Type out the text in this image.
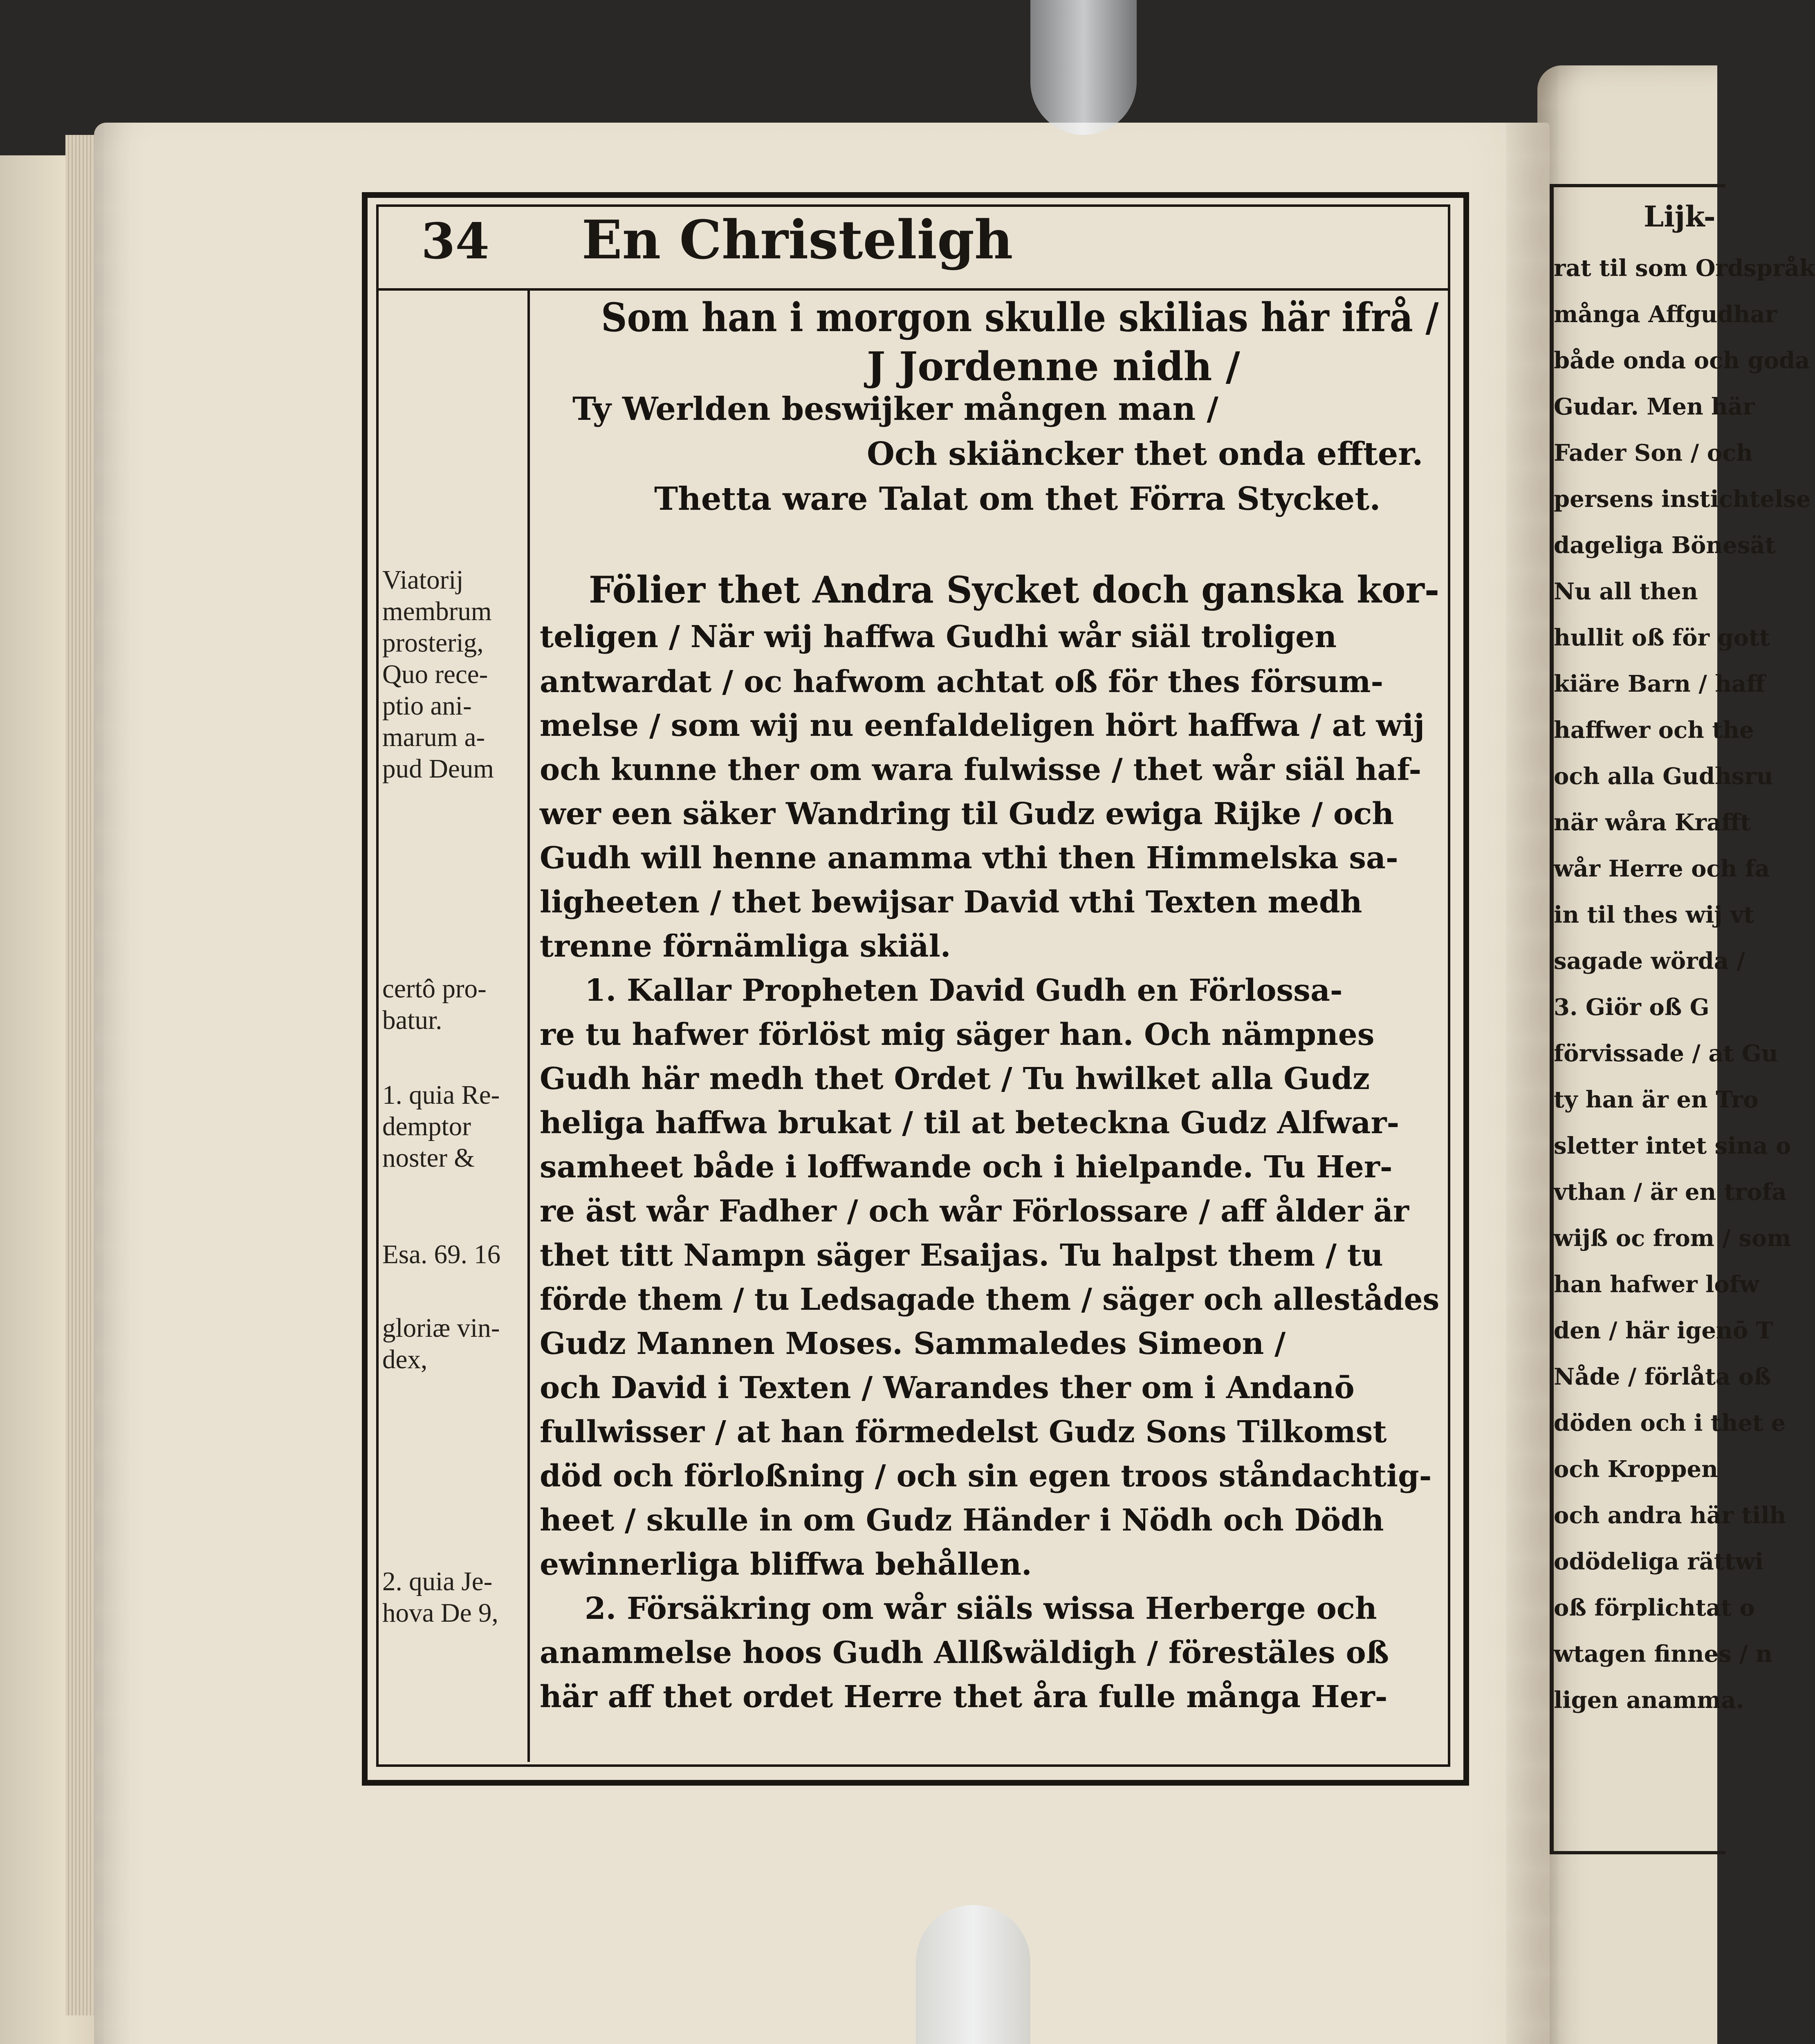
Lijk-
rat til som Ordspråk
många Affgudhar
både onda och goda
Gudar. Men här
Fader Son / och
persens instichtelse
dageliga Bönesät
Nu all then
hullit oß för gott
kiäre Barn / haff
haffwer och the
och alla Gudhsru
när wåra Krafft
wår Herre och fa
in til thes wij vt
sagade wörda /
3. Giör oß G
förvissade / at Gu
ty han är en Tro
sletter intet sina o
vthan / är en trofa
wijß oc from / som
han hafwer lofw
den / här igenō T
Nåde / förlåta oß
döden och i thet e
och Kroppen
och andra här tilh
odödeliga rättwi
oß förplichtat o
wtagen finnes / n
ligen anamma.
34	En Christeligh
Viatorij
membrum
prosterig,
Quo rece-
ptio ani-
marum a-
pud Deum
certô pro-
batur.
1. quia Re-
demptor
noster &
Esa. 69. 16
gloriæ vin-
dex,
2. quia Je-
hova De 9,
Som han i morgon skulle skilias här ifrå /
J Jordenne nidh /
Ty Werlden beswijker mången man /
Och skiäncker thet onda effter.
Thetta ware Talat om thet Förra Stycket.
Fölier thet Andra Sycket doch ganska kor-
teligen / När wij haffwa Gudhi wår siäl troligen
antwardat / oc hafwom achtat oß för thes försum-
melse / som wij nu eenfaldeligen hört haffwa / at wij
och kunne ther om wara fulwisse / thet wår siäl haf-
wer een säker Wandring til Gudz ewiga Rijke / och
Gudh will henne anamma vthi then Himmelska sa-
ligheeten / thet bewijsar David vthi Texten medh
trenne förnämliga skiäl.
1. Kallar Propheten David Gudh en Förlossa-
re tu hafwer förlöst mig säger han. Och nämpnes
Gudh här medh thet Ordet / Tu hwilket alla Gudz
heliga haffwa brukat / til at beteckna Gudz Alfwar-
samheet både i loffwande och i hielpande. Tu Her-
re äst wår Fadher / och wår Förlossare / aff ålder är
thet titt Nampn säger Esaijas. Tu halpst them / tu
förde them / tu Ledsagade them / säger och allestådes
Gudz Mannen Moses. Sammaledes Simeon /
och David i Texten / Warandes ther om i Andanō
fullwisser / at han förmedelst Gudz Sons Tilkomst
död och förloßning / och sin egen troos ståndachtig-
heet / skulle in om Gudz Händer i Nödh och Dödh
ewinnerliga bliffwa behållen.
2. Försäkring om wår siäls wissa Herberge och
anammelse hoos Gudh Allßwäldigh / förestäles oß
här aff thet ordet Herre thet åra fulle många Her-
